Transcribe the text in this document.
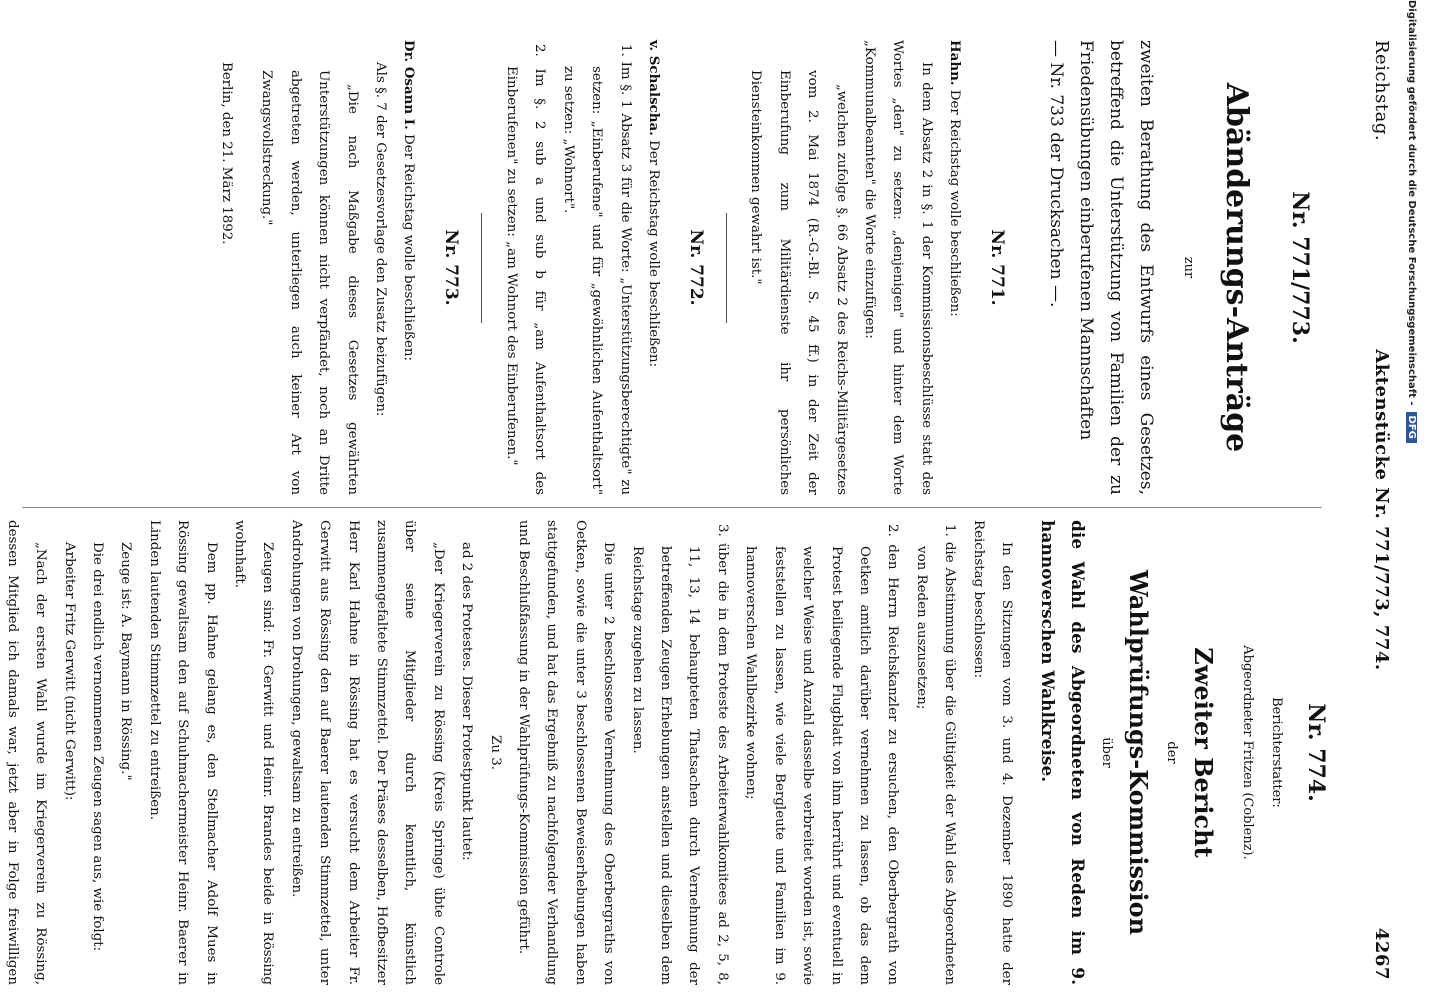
Reichstag.
Aktenstücke Nr. 771/773, 774.
4267
Nr. 771/773.
Abänderungs-Anträge
zur
zweiten Berathung des Entwurfs eines Gesetzes, betreffend die Unterstützung von Familien der zu Friedensübungen einberufenen Mannschaften
— Nr. 733 der Drucksachen —.
Nr. 771.

Hahn. Der Reichstag wolle beschließen:

In dem Absatz 2 in §. 1 der Kommissionsbeschlüsse statt des Wortes „den" zu setzen: „denjenigen" und hinter dem Worte „Kommunalbeamten" die Worte einzufügen:

„welchen zufolge §. 66 Absatz 2 des Reichs-Militärgesetzes vom 2. Mai 1874 (R.-G.-Bl. S. 45 ff.) in der Zeit der Einberufung zum Militärdienste ihr persönliches Diensteinkommen gewahrt ist."

Nr. 772.

v. Schalscha. Der Reichstag wolle beschließen:

1. Im §. 1 Absatz 3 für die Worte: „Unterstützungsberechtigte" zu setzen: „Einberufene" und für „gewöhnlichen Aufenthaltsort" zu setzen: „Wohnort".

2. Im §. 2 sub a und sub b für „am Aufenthaltsort des Einberufenen" zu setzen: „am Wohnort des Einberufenen."

Nr. 773.

Dr. Osann I. Der Reichstag wolle beschließen:

Als §. 7 der Gesetzesvorlage den Zusatz beizufügen:

„Die nach Maßgabe dieses Gesetzes gewährten Unterstützungen können nicht verpfändet, noch an Dritte abgetreten werden, unterliegen auch keiner Art von Zwangsvollstreckung."

Berlin, den 21. März 1892.

Nr. 774.
Berichterstatter:
Abgeordneter Fritzen (Coblenz).
Zweiter Bericht
der
Wahlprüfungs-Kommission
über
die Wahl des Abgeordneten von Reden im 9. hannoverschen Wahlkreise.

In den Sitzungen vom 3. und 4. Dezember 1890 hatte der Reichstag beschlossen:

1. die Abstimmung über die Gültigkeit der Wahl des Abgeordneten von Reden auszusetzen;

2. den Herrn Reichskanzler zu ersuchen, den Oberbergrath von Oetken amtlich darüber vernehmen zu lassen, ob das dem Protest beiliegende Flugblatt von ihm herrührt und eventuell in welcher Weise und Anzahl dasselbe verbreitet worden ist, sowie feststellen zu lassen, wie viele Bergleute und Familien im 9. hannoverschen Wahlbezirke wohnen;

3. über die in dem Proteste des Arbeiterwahlkomitees ad 2, 5, 8, 11, 13, 14 behaupteten Thatsachen durch Vernehmung der betreffenden Zeugen Erhebungen anstellen und dieselben dem Reichstage zugehen zu lassen.

Die unter 2 beschlossene Vernehmung des Oberbergraths von Oetken, sowie die unter 3 beschlossenen Beweiserhebungen haben stattgefunden, und hat das Ergebniß zu nachfolgender Verhandlung und Beschlußfassung in der Wahlprüfungs-Kommission geführt.

Zu 3.

ad 2 des Protestes. Dieser Protestpunkt lautet:

„Der Kriegerverein zu Rössing (Kreis Springe) übte Controle über seine Mitglieder durch kenntlich, künstlich zusammengefaltete Stimmzettel. Der Präses desselben, Hofbesitzer Herr Karl Hahne in Rössing hat es versucht dem Arbeiter Fr. Gerwitt aus Rössing den auf Baerer lautenden Stimmzettel, unter Androhungen von Drohungen, gewaltsam zu entreißen.

Zeugen sind: Fr. Gerwitt und Heinr. Brandes beide in Rössing wohnhaft.

Dem pp. Hahne gelang es, den Stellmacher Adolf Mues in Rössing gewaltsam den auf Schuhmachermeister Heinr. Baerer in Linden lautenden Stimmzettel zu entreißen.

Zeuge ist: A. Baymann in Rössing."

Die drei endlich vernommenen Zeugen sagen aus, wie folgt:

Arbeiter Fritz Gerwitt (nicht Gerwitt):

„Nach der ersten Wahl wurde im Kriegerverein zu Rössing, dessen Mitglied ich damals war, jetzt aber in Folge freiwilligen

Digitalisierung gefördert durch die Deutsche Forschungsgemeinschaft -DFG
